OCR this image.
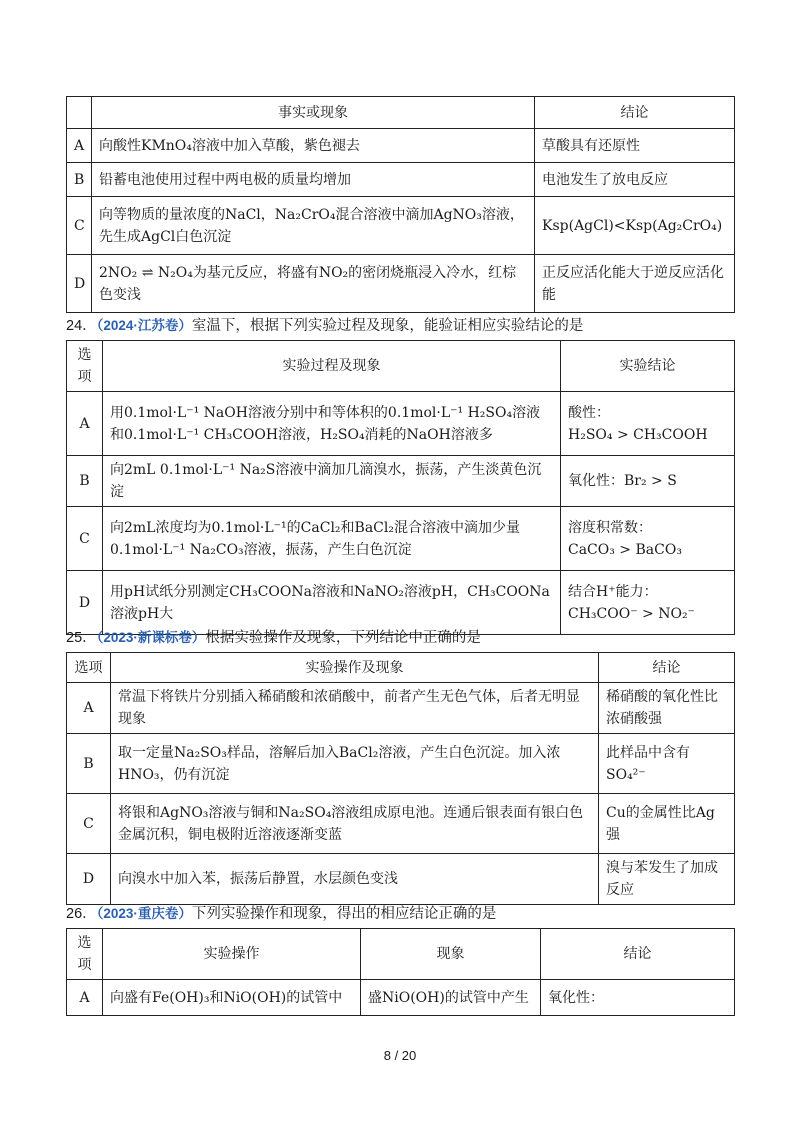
	事实或现象	结论
A	向酸性KMnO₄溶液中加入草酸，紫色褪去	草酸具有还原性
B	铅蓄电池使用过程中两电极的质量均增加	电池发生了放电反应
C	向等物质的量浓度的NaCl，Na₂CrO₄混合溶液中滴加AgNO₃溶液，先生成AgCl白色沉淀	Ksp(AgCl)<Ksp(Ag₂CrO₄)
D	2NO₂ ⇌ N₂O₄为基元反应，将盛有NO₂的密闭烧瓶浸入冷水，红棕色变浅	正反应活化能大于逆反应活化能
24．（2024·江苏卷）室温下，根据下列实验过程及现象，能验证相应实验结论的是
选项	实验过程及现象	实验结论
A	用0.1mol·L⁻¹ NaOH溶液分别中和等体积的0.1mol·L⁻¹ H₂SO₄溶液和0.1mol·L⁻¹ CH₃COOH溶液，H₂SO₄消耗的NaOH溶液多	酸性：
H₂SO₄ > CH₃COOH

B	向2mL 0.1mol·L⁻¹ Na₂S溶液中滴加几滴溴水，振荡，产生淡黄色沉淀	氧化性：Br₂ > S
C	向2mL浓度均为0.1mol·L⁻¹的CaCl₂和BaCl₂混合溶液中滴加少量0.1mol·L⁻¹ Na₂CO₃溶液，振荡，产生白色沉淀	溶度积常数：
CaCO₃ > BaCO₃

D	用pH试纸分别测定CH₃COONa溶液和NaNO₂溶液pH，CH₃COONa溶液pH大	结合H⁺能力：
CH₃COO⁻ > NO₂⁻
25．（2023·新课标卷）根据实验操作及现象，下列结论中正确的是
选项	实验操作及现象	结论
A	常温下将铁片分别插入稀硝酸和浓硝酸中，前者产生无色气体，后者无明显现象	稀硝酸的氧化性比浓硝酸强
B	取一定量Na₂SO₃样品，溶解后加入BaCl₂溶液，产生白色沉淀。加入浓HNO₃，仍有沉淀	此样品中含有SO₄²⁻
C	将银和AgNO₃溶液与铜和Na₂SO₄溶液组成原电池。连通后银表面有银白色金属沉积，铜电极附近溶液逐渐变蓝	Cu的金属性比Ag强
D	向溴水中加入苯，振荡后静置，水层颜色变浅	溴与苯发生了加成反应
26．（2023·重庆卷）下列实验操作和现象，得出的相应结论正确的是
选项	实验操作	现象	结论
A	向盛有Fe(OH)₃和NiO(OH)的试管中	盛NiO(OH)的试管中产生	氧化性：
8 / 20
